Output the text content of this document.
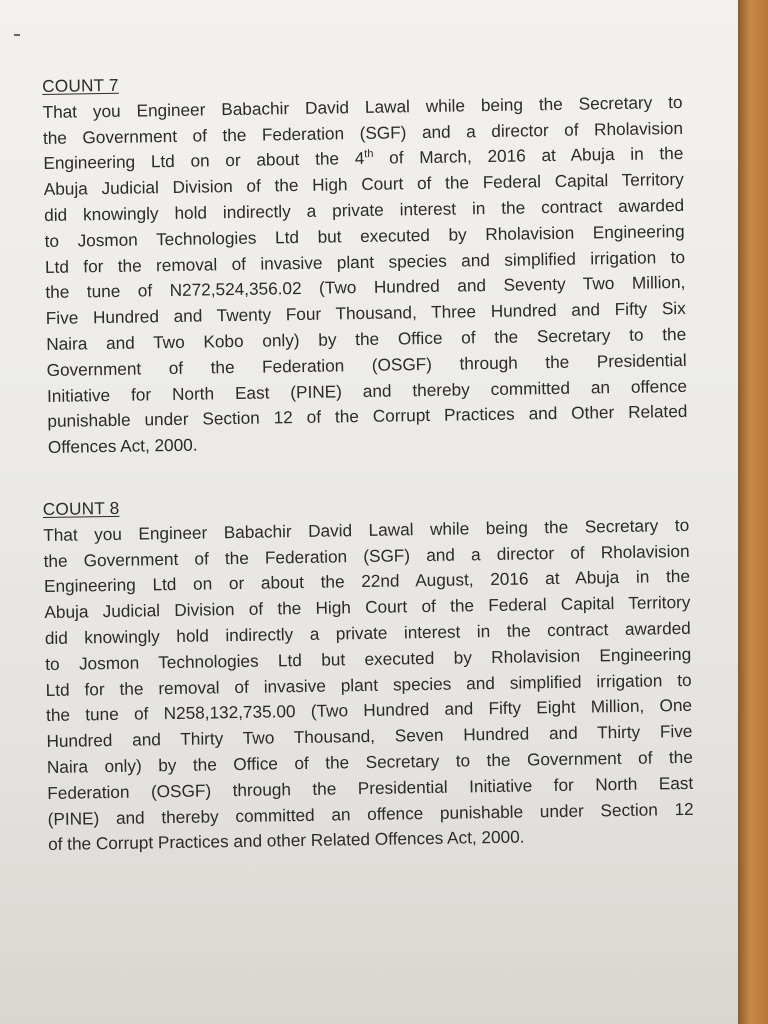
COUNT 7
That you Engineer Babachir David Lawal while being the Secretary to
the Government of the Federation (SGF) and a director of Rholavision
Engineering Ltd on or about the 4th of March, 2016 at Abuja in the
Abuja Judicial Division of the High Court of the Federal Capital Territory
did knowingly hold indirectly a private interest in the contract awarded
to Josmon Technologies Ltd but executed by Rholavision Engineering
Ltd for the removal of invasive plant species and simplified irrigation to
the tune of N272,524,356.02 (Two Hundred and Seventy Two Million,
Five Hundred and Twenty Four Thousand, Three Hundred and Fifty Six
Naira and Two Kobo only) by the Office of the Secretary to the
Government of the Federation (OSGF) through the Presidential
Initiative for North East (PINE) and thereby committed an offence
punishable under Section 12 of the Corrupt Practices and Other Related
Offences Act, 2000.
COUNT 8
That you Engineer Babachir David Lawal while being the Secretary to
the Government of the Federation (SGF) and a director of Rholavision
Engineering Ltd on or about the 22nd August, 2016 at Abuja in the
Abuja Judicial Division of the High Court of the Federal Capital Territory
did knowingly hold indirectly a private interest in the contract awarded
to Josmon Technologies Ltd but executed by Rholavision Engineering
Ltd for the removal of invasive plant species and simplified irrigation to
the tune of N258,132,735.00 (Two Hundred and Fifty Eight Million, One
Hundred and Thirty Two Thousand, Seven Hundred and Thirty Five
Naira only) by the Office of the Secretary to the Government of the
Federation (OSGF) through the Presidential Initiative for North East
(PINE) and thereby committed an offence punishable under Section 12
of the Corrupt Practices and other Related Offences Act, 2000.
